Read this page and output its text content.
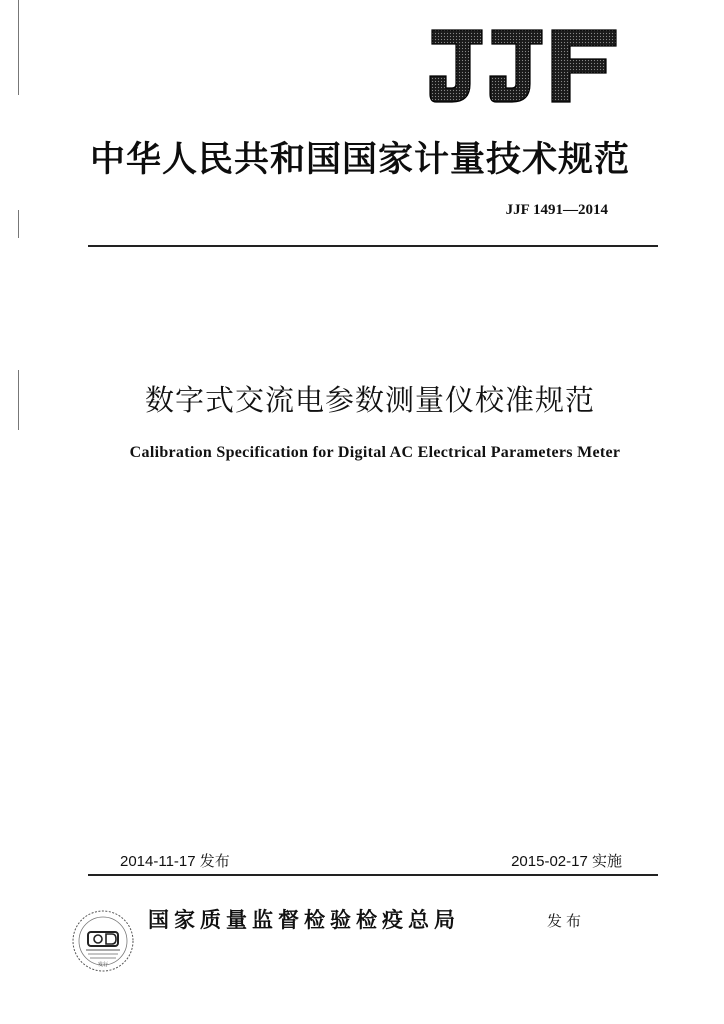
中华人民共和国国家计量技术规范
JJF 1491—2014
数字式交流电参数测量仪校准规范
Calibration Specification for Digital AC Electrical Parameters Meter
2014-11-17 发布	2015-02-17 实施
发行
国家质量监督检验检疫总局	发布
